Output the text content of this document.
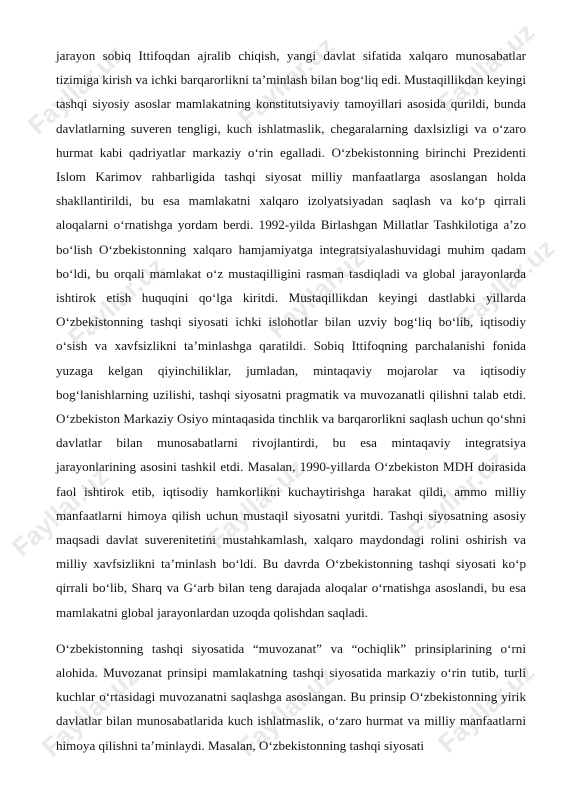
Fayllar.uz	Fayllar.uz	Fayllar.uz
Fayllar.uz	Fayllar.uz	Fayllar.uz
Fayllar.uz	Fayllar.uz	Fayllar.uz
Fayllar.uz	Fayllar.uz	Fayllar.uz

jarayon sobiq Ittifoqdan ajralib chiqish, yangi davlat sifatida xalqaro munosabatlar tizimiga kirish va ichki barqarorlikni ta’minlash bilan bog‘liq edi. Mustaqillikdan keyingi tashqi siyosiy asoslar mamlakatning konstitutsiyaviy tamoyillari asosida qurildi, bunda davlatlarning suveren tengligi, kuch ishlatmaslik, chegaralarning daxlsizligi va o‘zaro hurmat kabi qadriyatlar markaziy o‘rin egalladi. O‘zbekistonning birinchi Prezidenti Islom Karimov rahbarligida tashqi siyosat milliy manfaatlarga asoslangan holda shakllantirildi, bu esa mamlakatni xalqaro izolyatsiyadan saqlash va ko‘p qirrali aloqalarni o‘rnatishga yordam berdi. 1992-yilda Birlashgan Millatlar Tashkilotiga a’zo bo‘lish O‘zbekistonning xalqaro hamjamiyatga integratsiyalashuvidagi muhim qadam bo‘ldi, bu orqali mamlakat o‘z mustaqilligini rasman tasdiqladi va global jarayonlarda ishtirok etish huquqini qo‘lga kiritdi. Mustaqillikdan keyingi dastlabki yillarda O‘zbekistonning tashqi siyosati ichki islohotlar bilan uzviy bog‘liq bo‘lib, iqtisodiy o‘sish va xavfsizlikni ta’minlashga qaratildi. Sobiq Ittifoqning parchalanishi fonida yuzaga kelgan qiyinchiliklar, jumladan, mintaqaviy mojarolar va iqtisodiy bog‘lanishlarning uzilishi, tashqi siyosatni pragmatik va muvozanatli qilishni talab etdi. O‘zbekiston Markaziy Osiyo mintaqasida tinchlik va barqarorlikni saqlash uchun qo‘shni davlatlar bilan munosabatlarni rivojlantirdi, bu esa mintaqaviy integratsiya jarayonlarining asosini tashkil etdi. Masalan, 1990-yillarda O‘zbekiston MDH doirasida faol ishtirok etib, iqtisodiy hamkorlikni kuchaytirishga harakat qildi, ammo milliy manfaatlarni himoya qilish uchun mustaqil siyosatni yuritdi. Tashqi siyosatning asosiy maqsadi davlat suverenitetini mustahkamlash, xalqaro maydondagi rolini oshirish va milliy xavfsizlikni ta’minlash bo‘ldi. Bu davrda O‘zbekistonning tashqi siyosati ko‘p qirrali bo‘lib, Sharq va G‘arb bilan teng darajada aloqalar o‘rnatishga asoslandi, bu esa mamlakatni global jarayonlardan uzoqda qolishdan saqladi.

O‘zbekistonning tashqi siyosatida “muvozanat” va “ochiqlik” prinsiplarining o‘rni alohida. Muvozanat prinsipi mamlakatning tashqi siyosatida markaziy o‘rin tutib, turli kuchlar o‘rtasidagi muvozanatni saqlashga asoslangan. Bu prinsip O‘zbekistonning yirik davlatlar bilan munosabatlarida kuch ishlatmaslik, o‘zaro hurmat va milliy manfaatlarni himoya qilishni ta’minlaydi. Masalan, O‘zbekistonning tashqi siyosati
